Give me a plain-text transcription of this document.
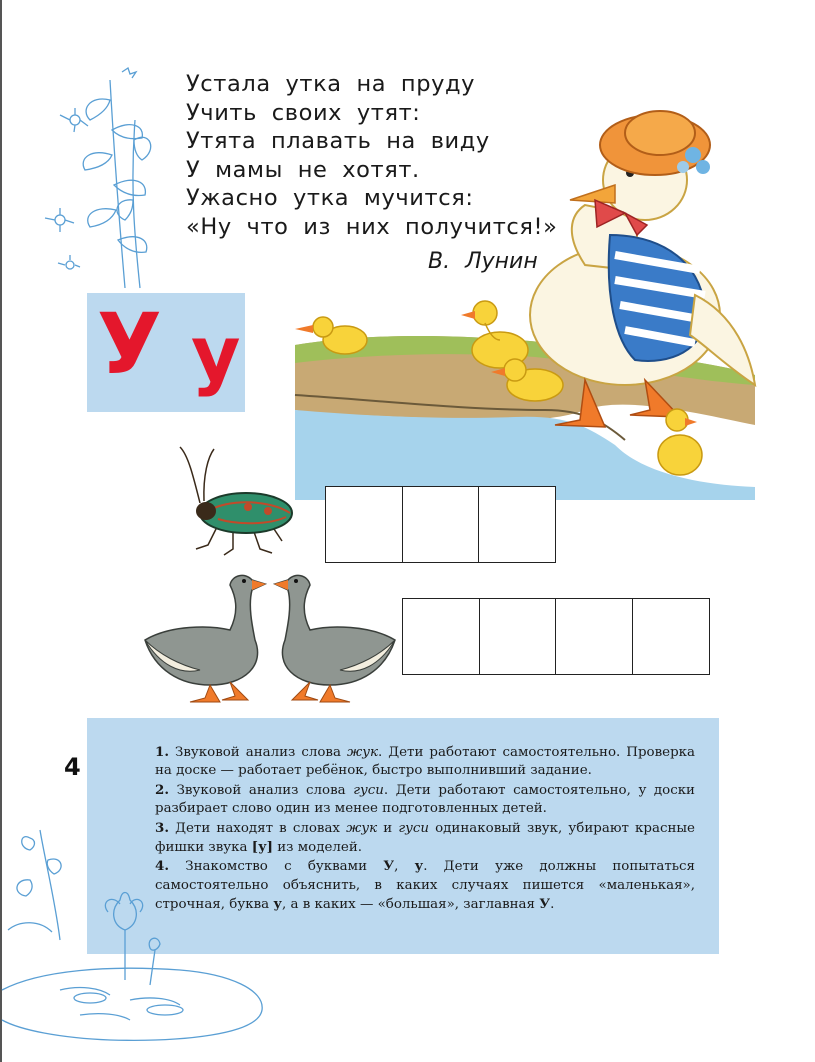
Устала утка на пруду
Учить своих утят:
Утята плавать на виду
У мамы не хотят.
Ужасно утка мучится:
«Ну что из них получится!»
В. Лунин
У у
4

1. Звуковой анализ слова жук. Дети работают самостоятельно. Проверка на доске — работает ребёнок, быстро выполнивший задание.

2. Звуковой анализ слова гуси. Дети работают самостоятельно, у доски разбирает слово один из менее подготовленных детей.

3. Дети находят в словах жук и гуси одинаковый звук, убирают красные фишки звука [у] из моделей.

4. Знакомство с буквами У, у. Дети уже должны попытаться самостоятельно объяснить, в каких случаях пишется «маленькая», строчная, буква у, а в каких — «большая», заглавная У.
